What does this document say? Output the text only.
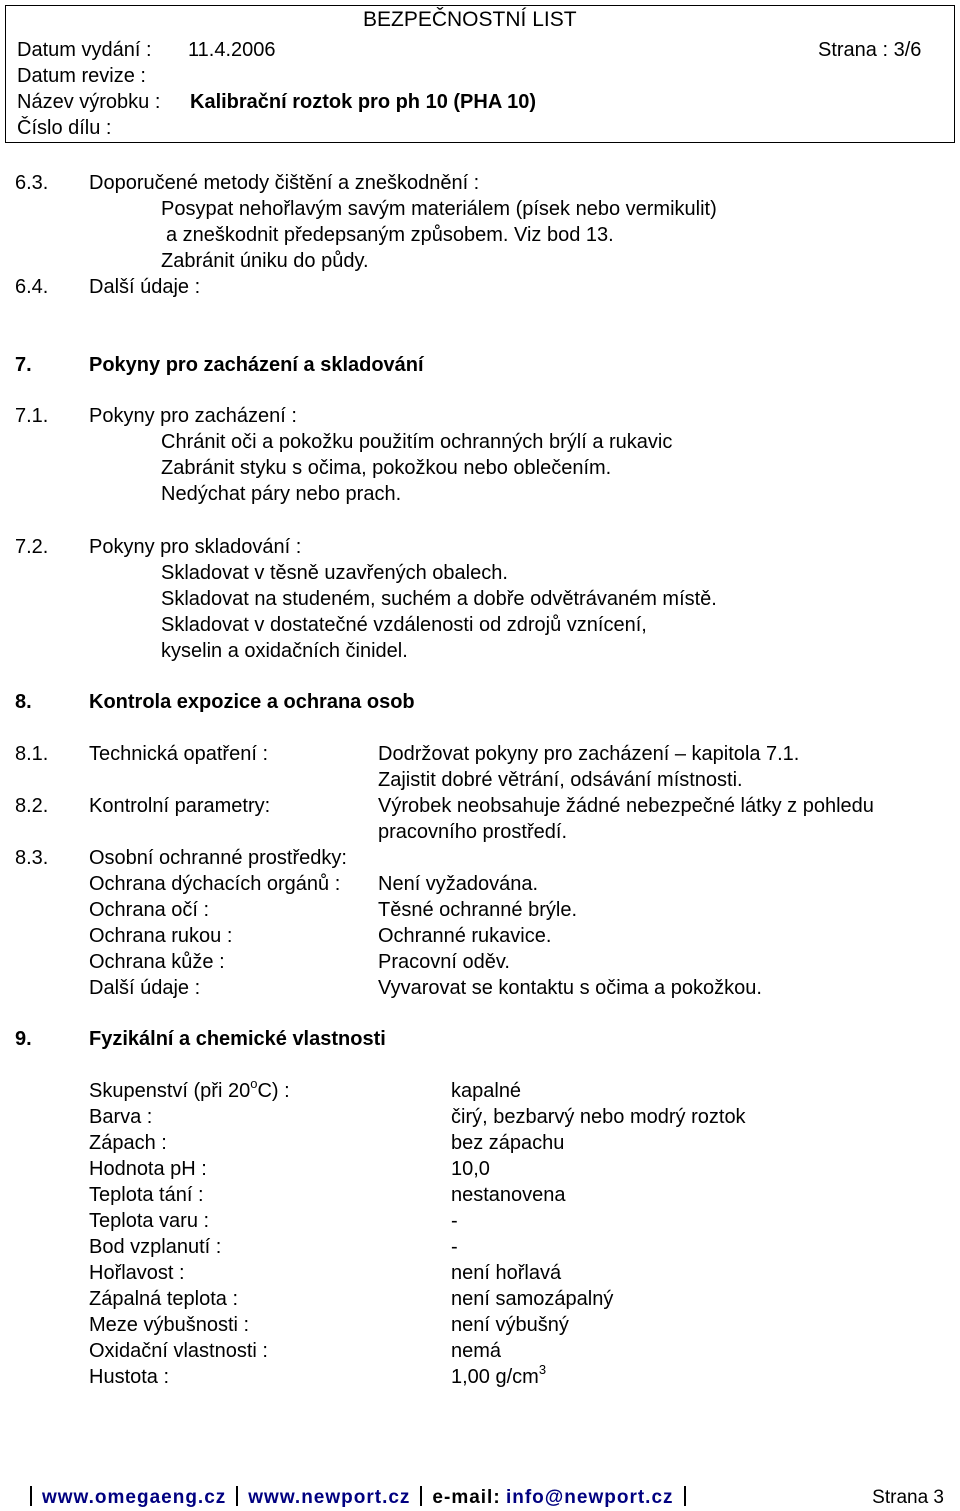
BEZPEČNOSTNÍ LIST
Datum vydání : 11.4.2006	Strana : 3/6
Datum revize :
Název výrobku : Kalibrační roztok pro ph 10 (PHA 10)
Číslo dílu :
6.3. Doporučené metody čištění a zneškodnění :
Posypat nehořlavým savým materiálem (písek nebo vermikulit)
a zneškodnit předepsaným způsobem. Viz bod 13.
Zabránit úniku do půdy.
6.4. Další údaje :
7.	Pokyny pro zacházení a skladování
7.1. Pokyny pro zacházení :
Chránit oči a pokožku použitím ochranných brýlí a rukavic
Zabránit styku s očima, pokožkou nebo oblečením.
Nedýchat páry nebo prach.
7.2. Pokyny pro skladování :
Skladovat v těsně uzavřených obalech.
Skladovat na studeném, suchém a dobře odvětrávaném místě.
Skladovat v dostatečné vzdálenosti od zdrojů vznícení,
kyselin a oxidačních činidel.
8.	Kontrola expozice a ochrana osob
8.1. Technická opatření :	Dodržovat pokyny pro zacházení – kapitola 7.1.
Zajistit dobré větrání, odsávání místnosti.
8.2. Kontrolní parametry:	Výrobek neobsahuje žádné nebezpečné látky z pohledu
pracovního prostředí.
8.3. Osobní ochranné prostředky:
Ochrana dýchacích orgánů : Není vyžadována.
Ochrana očí :	Těsné ochranné brýle.
Ochrana rukou :	Ochranné rukavice.
Ochrana kůže :	Pracovní oděv.
Další údaje :	Vyvarovat se kontaktu s očima a pokožkou.
9.	Fyzikální a chemické vlastnosti
Skupenství (při 20$^o$C) :	kapalné
Barva :	čirý, bezbarvý nebo modrý roztok
Zápach :	bez zápachu
Hodnota pH :	10,0
Teplota tání :	nestanovena
Teplota varu :	-
Bod vzplanutí :	-
Hořlavost :	není hořlavá
Zápalná teplota :	není samozápalný
Meze výbušnosti :	není výbušný
Oxidační vlastnosti :	nemá
Hustota :	1,00 $g/cm^3$
www.omegaeng.cz www.newport.cz e-mail: info@newport.cz	Strana 3
